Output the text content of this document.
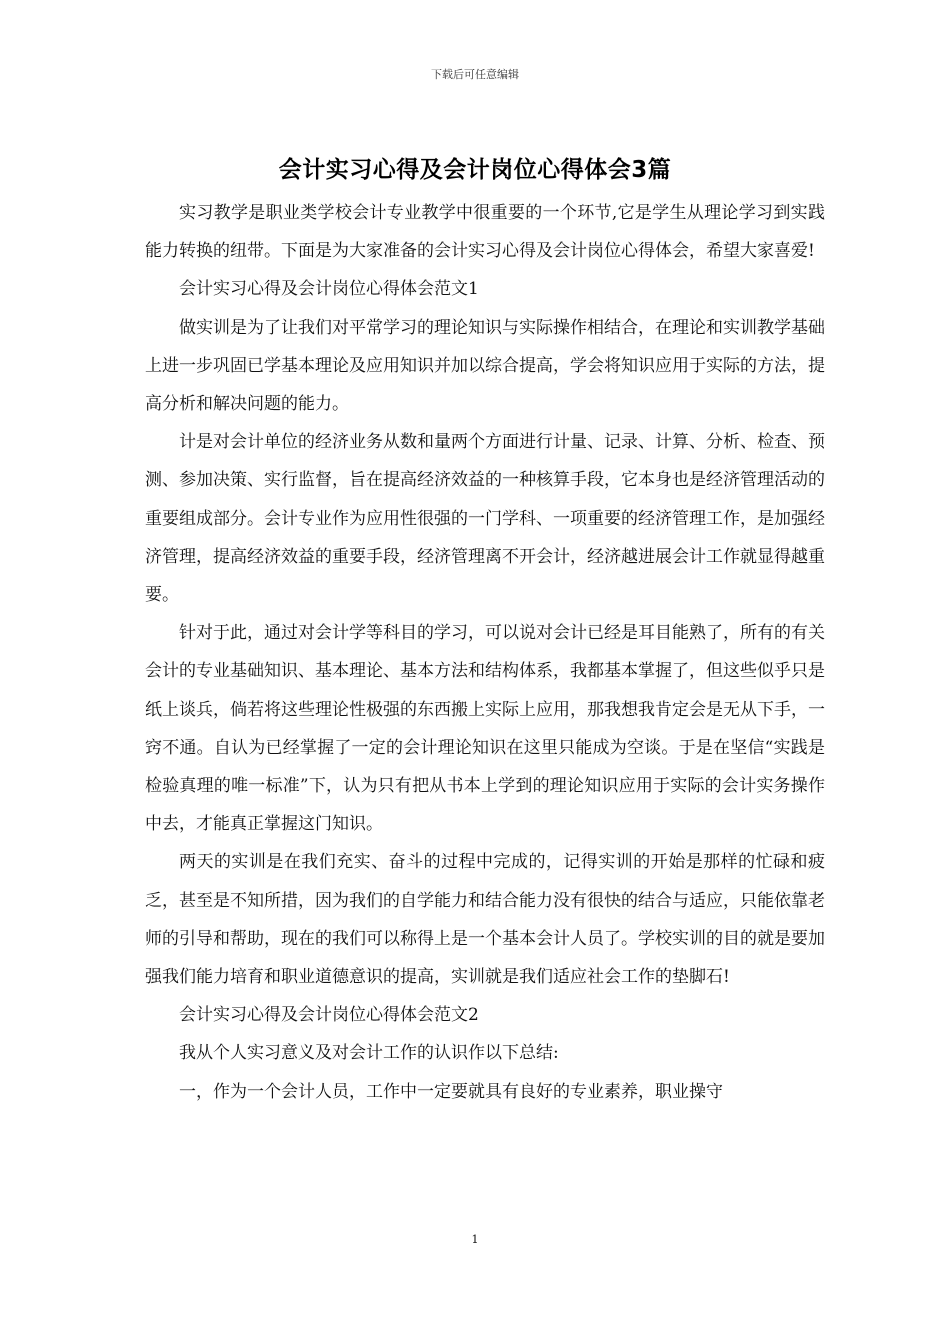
下载后可任意编辑
会计实习心得及会计岗位心得体会3篇

实习教学是职业类学校会计专业教学中很重要的一个环节,它是学生从理论学习到实践能力转换的纽带。下面是为大家准备的会计实习心得及会计岗位心得体会，希望大家喜爱!

会计实习心得及会计岗位心得体会范文1

做实训是为了让我们对平常学习的理论知识与实际操作相结合，在理论和实训教学基础上进一步巩固已学基本理论及应用知识并加以综合提高，学会将知识应用于实际的方法，提高分析和解决问题的能力。

计是对会计单位的经济业务从数和量两个方面进行计量、记录、计算、分析、检查、预测、参加决策、实行监督，旨在提高经济效益的一种核算手段，它本身也是经济管理活动的重要组成部分。会计专业作为应用性很强的一门学科、一项重要的经济管理工作，是加强经济管理，提高经济效益的重要手段，经济管理离不开会计，经济越进展会计工作就显得越重要。

针对于此，通过对会计学等科目的学习，可以说对会计已经是耳目能熟了，所有的有关会计的专业基础知识、基本理论、基本方法和结构体系，我都基本掌握了，但这些似乎只是纸上谈兵，倘若将这些理论性极强的东西搬上实际上应用，那我想我肯定会是无从下手，一窍不通。自认为已经掌握了一定的会计理论知识在这里只能成为空谈。于是在坚信“实践是检验真理的唯一标准”下，认为只有把从书本上学到的理论知识应用于实际的会计实务操作中去，才能真正掌握这门知识。

两天的实训是在我们充实、奋斗的过程中完成的，记得实训的开始是那样的忙碌和疲乏，甚至是不知所措，因为我们的自学能力和结合能力没有很快的结合与适应，只能依靠老师的引导和帮助，现在的我们可以称得上是一个基本会计人员了。学校实训的目的就是要加强我们能力培育和职业道德意识的提高，实训就是我们适应社会工作的垫脚石!

会计实习心得及会计岗位心得体会范文2

我从个人实习意义及对会计工作的认识作以下总结:

一，作为一个会计人员，工作中一定要就具有良好的专业素养，职业操守

1
